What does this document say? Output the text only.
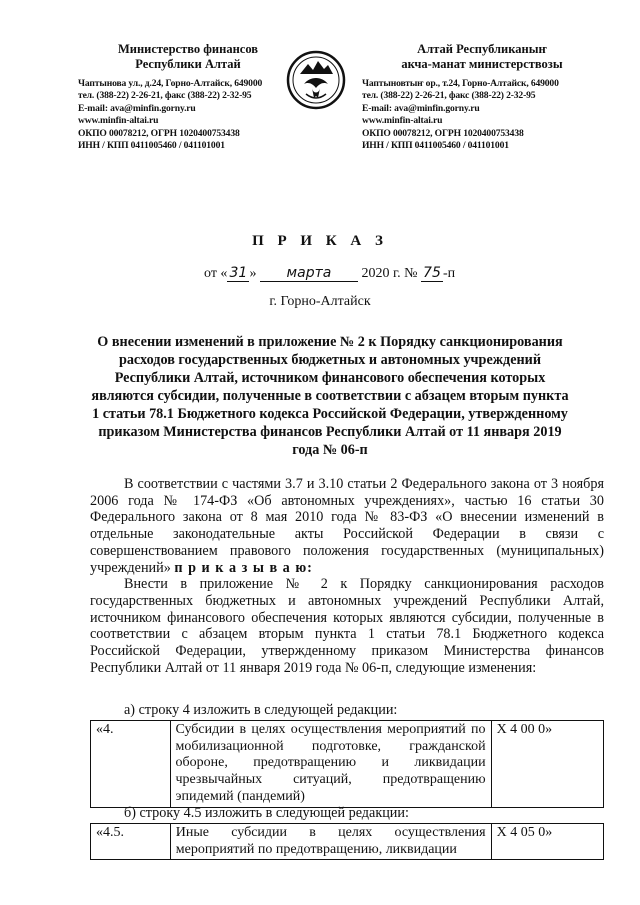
Министерство финансов
Республики Алтай
Чаптынова ул., д.24, Горно-Алтайск, 649000
тел. (388-22) 2-26-21, факс (388-22) 2-32-95
E-mail: ava@minfin.gorny.ru
www.minfin-altai.ru
ОКПО 00078212, ОГРН 1020400753438
ИНН / КПП 0411005460 / 041101001
Алтай Республиканыҥ
акча-манат министерствозы
Чаптыновтыҥ ор., т.24, Горно-Алтайск, 649000
тел. (388-22) 2-26-21, факс (388-22) 2-32-95
E-mail: ava@minfin.gorny.ru
www.minfin-altai.ru
ОКПО 00078212, ОГРН 1020400753438
ИНН / КПП 0411005460 / 041101001
П Р И К А З
от « 31 » марта 2020 г. № 75 -п
г. Горно-Алтайск
О внесении изменений в приложение № 2 к Порядку санкционирования расходов государственных бюджетных и автономных учреждений Республики Алтай, источником финансового обеспечения которых являются субсидии, полученные в соответствии с абзацем вторым пункта 1 статьи 78.1 Бюджетного кодекса Российской Федерации, утвержденному приказом Министерства финансов Республики Алтай от 11 января 2019 года № 06-п

В соответствии с частями 3.7 и 3.10 статьи 2 Федерального закона от 3 ноября 2006 года № 174-ФЗ «Об автономных учреждениях», частью 16 статьи 30 Федерального закона от 8 мая 2010 года № 83-ФЗ «О внесении изменений в отдельные законодательные акты Российской Федерации в связи с совершенствованием правового положения государственных (муниципальных) учреждений» п р и к а з ы в а ю:

Внести в приложение № 2 к Порядку санкционирования расходов государственных бюджетных и автономных учреждений Республики Алтай, источником финансового обеспечения которых являются субсидии, полученные в соответствии с абзацем вторым пункта 1 статьи 78.1 Бюджетного кодекса Российской Федерации, утвержденному приказом Министерства финансов Республики Алтай от 11 января 2019 года № 06-п, следующие изменения:

а) строку 4 изложить в следующей редакции:
«4.	Субсидии в целях осуществления мероприятий по мобилизационной подготовке, гражданской обороне, предотвращению и ликвидации чрезвычайных ситуаций, предотвращению эпидемий (пандемий)	Х 4 00 0»
б) строку 4.5 изложить в следующей редакции:
«4.5.	Иные субсидии в целях осуществления мероприятий по предотвращению, ликвидации	Х 4 05 0»
